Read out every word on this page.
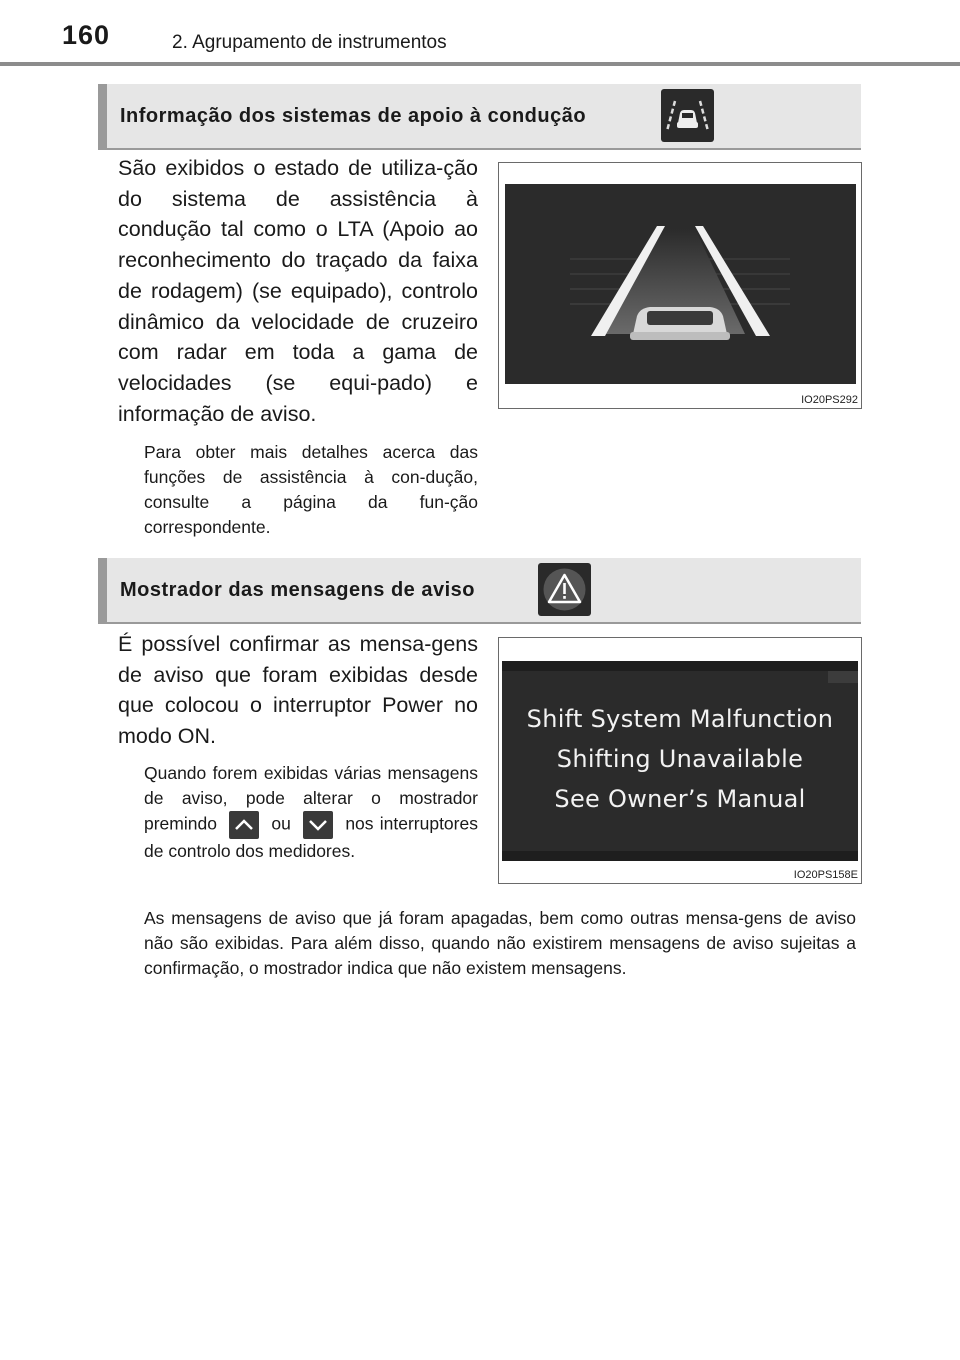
160	2. Agrupamento de instrumentos
Informação dos sistemas de apoio à condução
São exibidos o estado de utiliza-ção do sistema de assistência à condução tal como o LTA (Apoio ao reconhecimento do traçado da faixa de rodagem) (se equipado), controlo dinâmico da velocidade de cruzeiro com radar em toda a gama de velocidades (se equi-pado) e informação de aviso.
Para obter mais detalhes acerca das funções de assistência à con-dução, consulte a página da fun-ção correspondente.
IO20PS292
Mostrador das mensagens de aviso
É possível confirmar as mensa-gens de aviso que foram exibidas desde que colocou o interruptor Power no modo ON.
Quando forem exibidas várias mensagens de aviso, pode alterar o mostrador premindo	ou	nos interruptores de controlo dos medidores.
As mensagens de aviso que já foram apagadas, bem como outras mensa-gens de aviso não são exibidas. Para além disso, quando não existirem mensagens de aviso sujeitas a confirmação, o mostrador indica que não existem mensagens.
Shift System Malfunction
Shifting Unavailable
See Owner’s Manual
IO20PS158E
